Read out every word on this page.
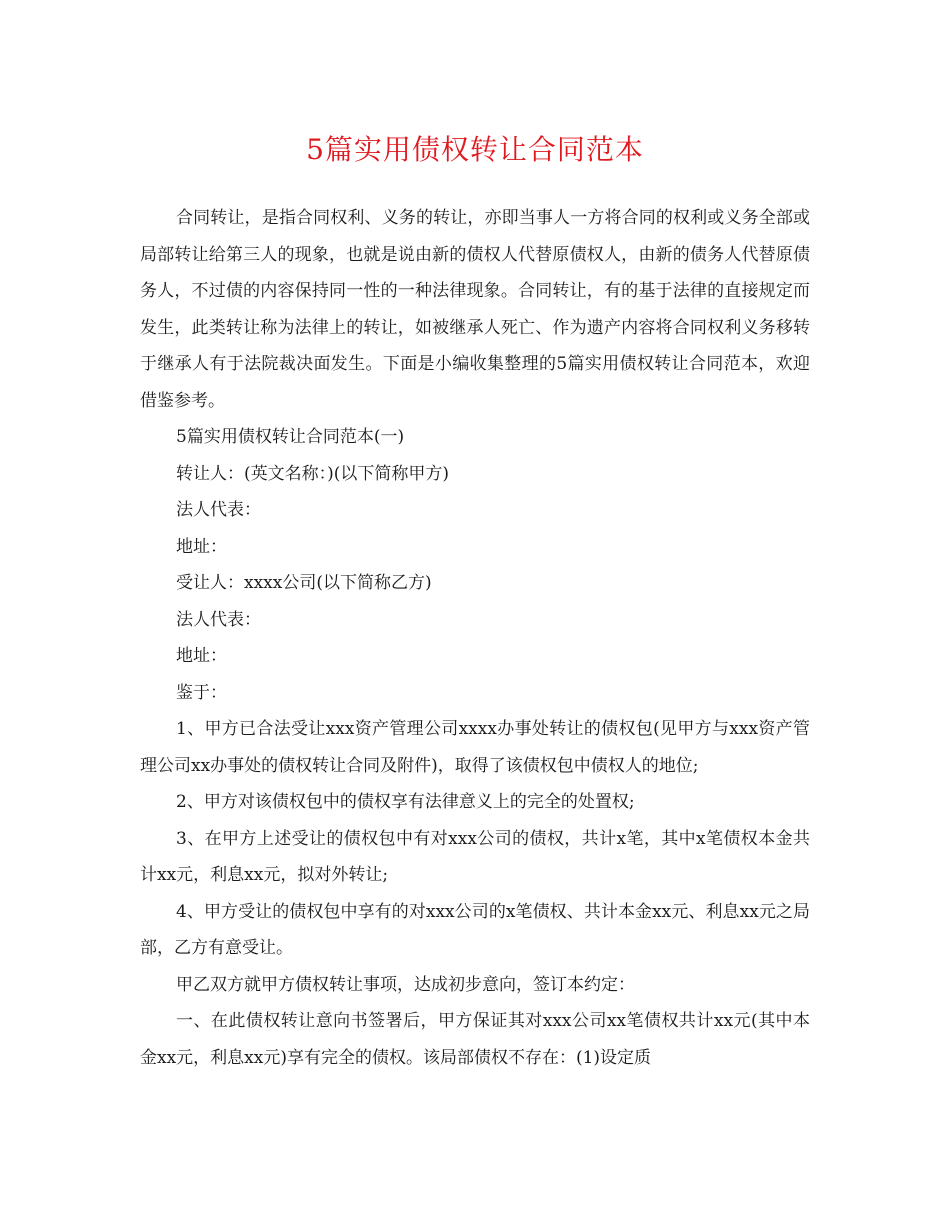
5篇实用债权转让合同范本

合同转让，是指合同权利、义务的转让，亦即当事人一方将合同的权利或义务全部或局部转让给第三人的现象，也就是说由新的债权人代替原债权人，由新的债务人代替原债务人，不过债的内容保持同一性的一种法律现象。合同转让，有的基于法律的直接规定而发生，此类转让称为法律上的转让，如被继承人死亡、作为遗产内容将合同权利义务移转于继承人有于法院裁决面发生。下面是小编收集整理的5篇实用债权转让合同范本，欢迎借鉴参考。

5篇实用债权转让合同范本(一)

转让人：(英文名称：)(以下简称甲方)

法人代表：

地址：

受让人：xxxx公司(以下简称乙方)

法人代表：

地址：

鉴于：

1、甲方已合法受让xxx资产管理公司xxxx办事处转让的债权包(见甲方与xxx资产管理公司xx办事处的债权转让合同及附件)，取得了该债权包中债权人的地位;

2、甲方对该债权包中的债权享有法律意义上的完全的处置权;

3、在甲方上述受让的债权包中有对xxx公司的债权，共计x笔，其中x笔债权本金共计xx元，利息xx元，拟对外转让;

4、甲方受让的债权包中享有的对xxx公司的x笔债权、共计本金xx元、利息xx元之局部，乙方有意受让。

甲乙双方就甲方债权转让事项，达成初步意向，签订本约定：

一、在此债权转让意向书签署后，甲方保证其对xxx公司xx笔债权共计xx元(其中本金xx元，利息xx元)享有完全的债权。该局部债权不存在：(1)设定质
